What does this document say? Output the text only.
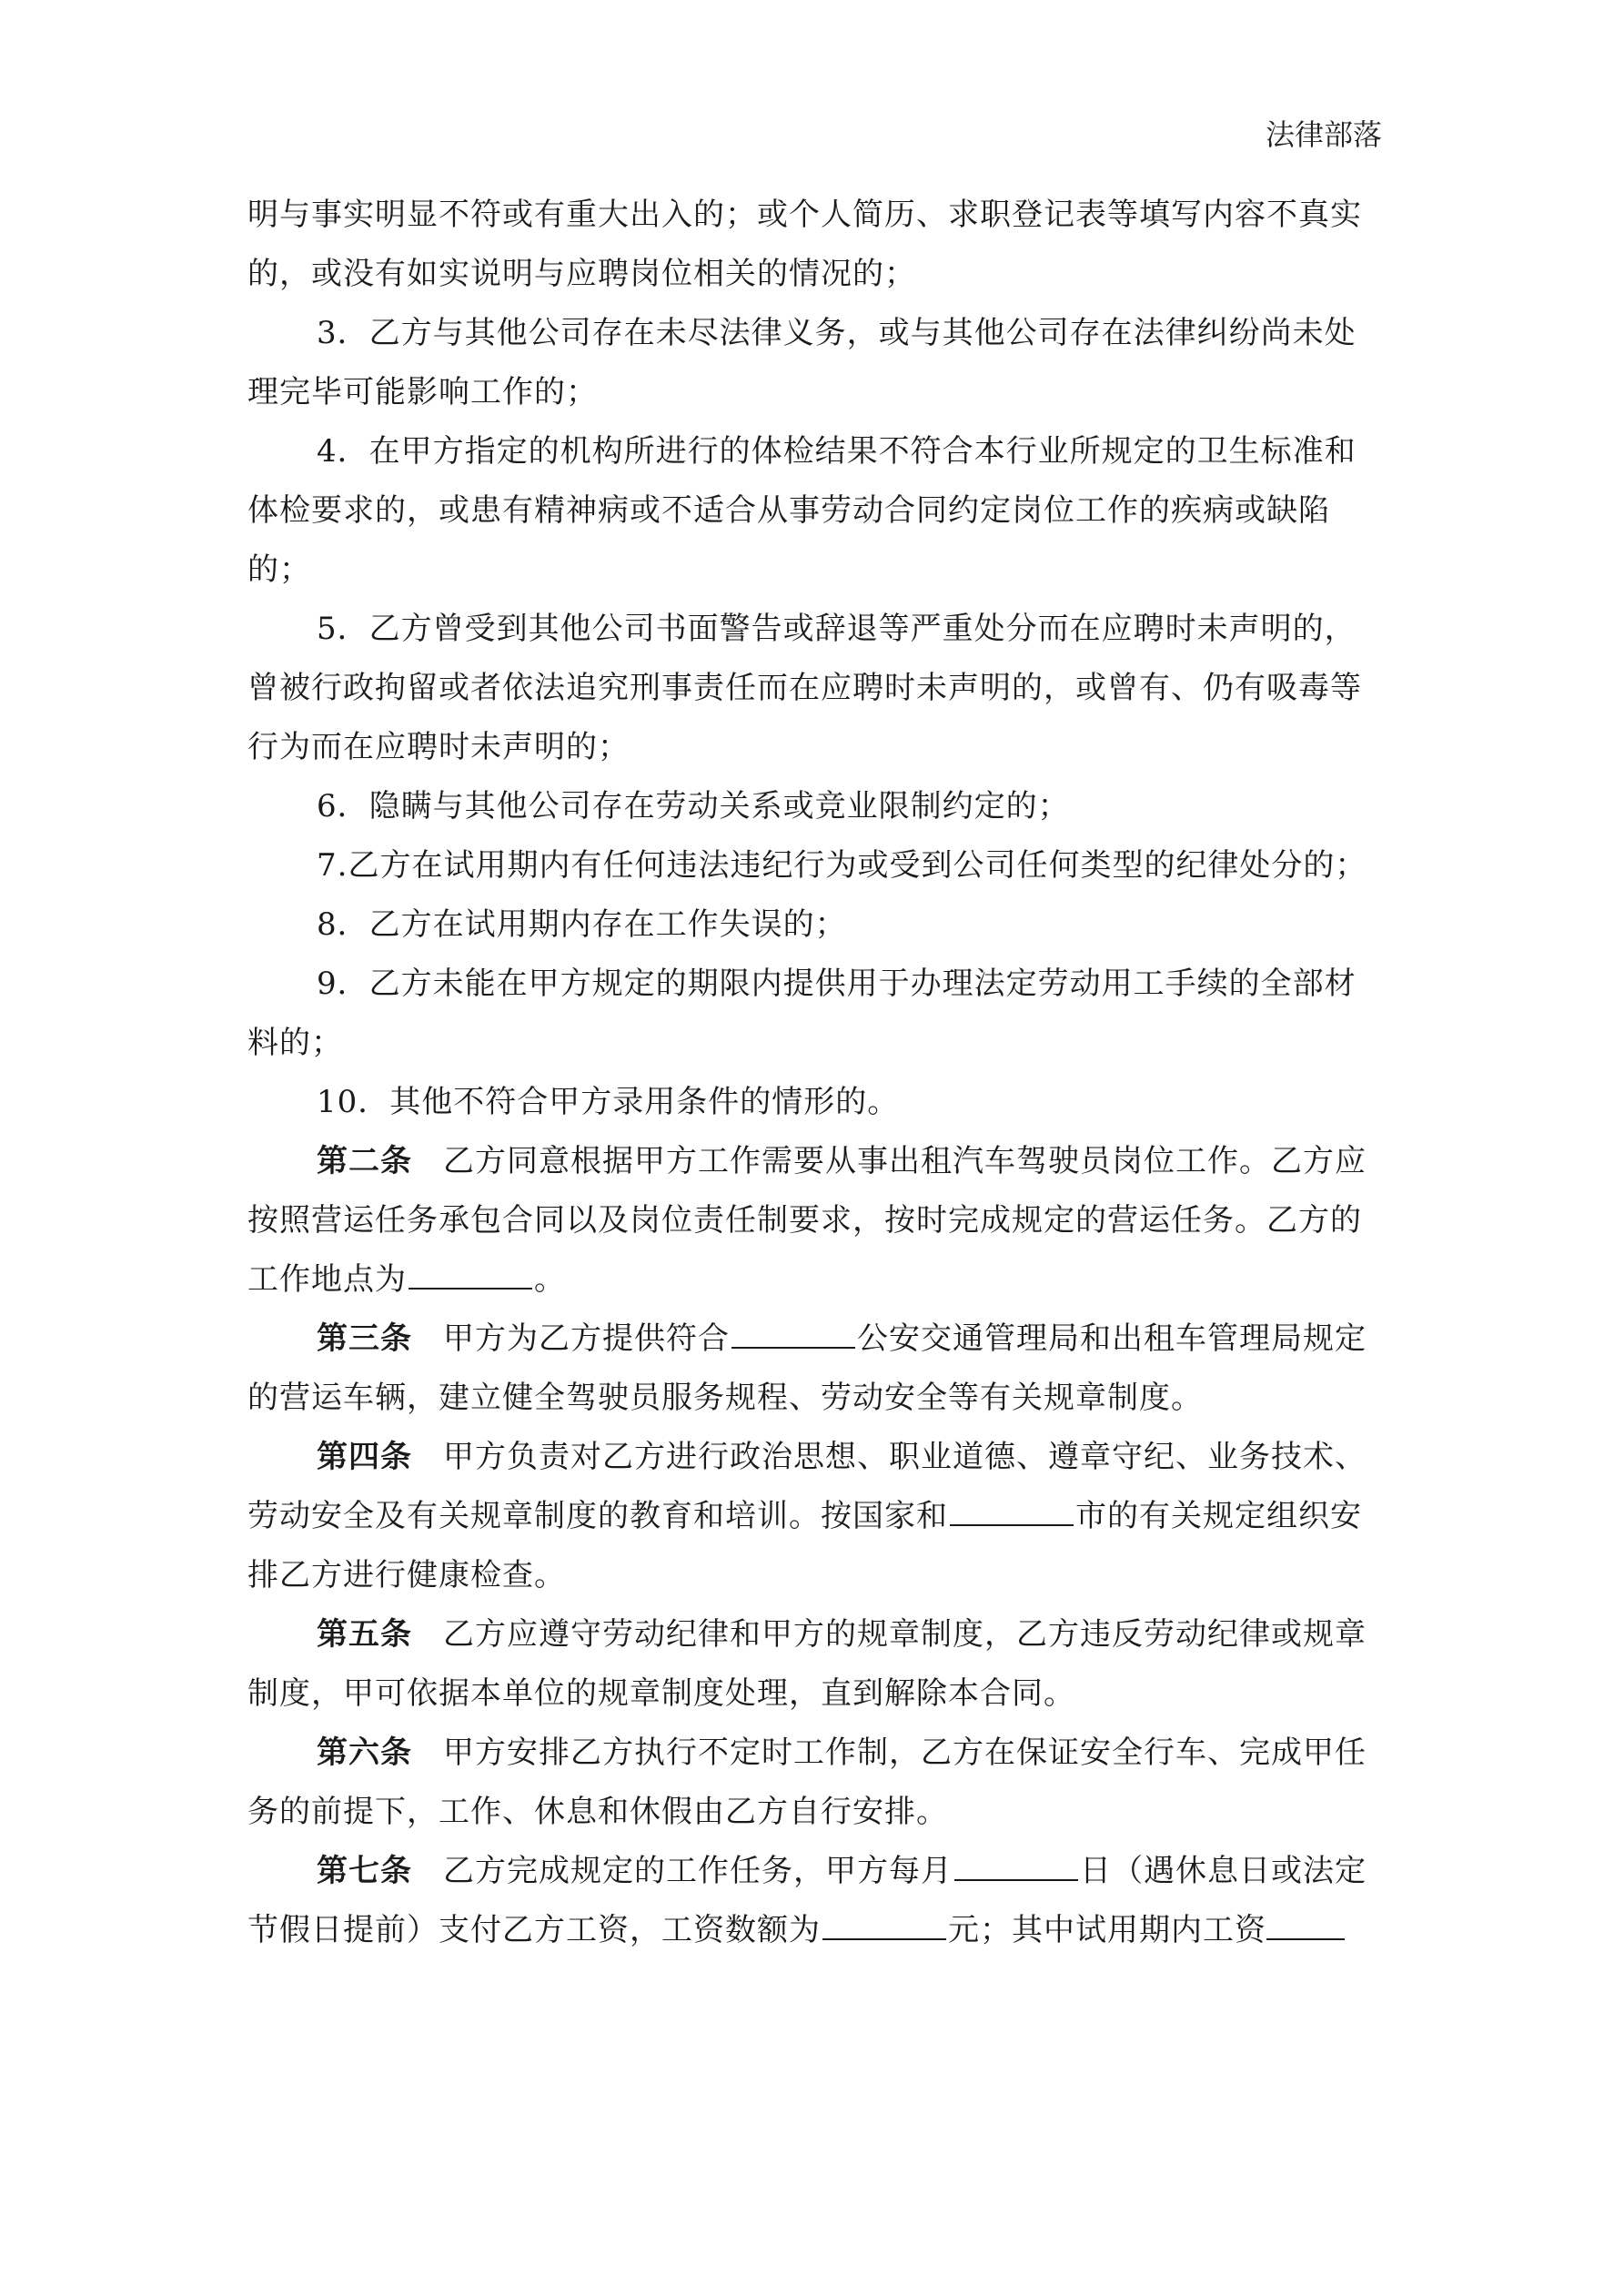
法律部落

明与事实明显不符或有重大出入的；或个人简历、求职登记表等填写内容不真实的，或没有如实说明与应聘岗位相关的情况的；

3．乙方与其他公司存在未尽法律义务，或与其他公司存在法律纠纷尚未处理完毕可能影响工作的；

4．在甲方指定的机构所进行的体检结果不符合本行业所规定的卫生标准和体检要求的，或患有精神病或不适合从事劳动合同约定岗位工作的疾病或缺陷的；

5．乙方曾受到其他公司书面警告或辞退等严重处分而在应聘时未声明的，曾被行政拘留或者依法追究刑事责任而在应聘时未声明的，或曾有、仍有吸毒等行为而在应聘时未声明的；

6．隐瞒与其他公司存在劳动关系或竞业限制约定的；

7.乙方在试用期内有任何违法违纪行为或受到公司任何类型的纪律处分的；

8．乙方在试用期内存在工作失误的；

9．乙方未能在甲方规定的期限内提供用于办理法定劳动用工手续的全部材料的；

10．其他不符合甲方录用条件的情形的。

第二条 乙方同意根据甲方工作需要从事出租汽车驾驶员岗位工作。乙方应按照营运任务承包合同以及岗位责任制要求，按时完成规定的营运任务。乙方的工作地点为	。

第三条 甲方为乙方提供符合	公安交通管理局和出租车管理局规定的营运车辆，建立健全驾驶员服务规程、劳动安全等有关规章制度。

第四条 甲方负责对乙方进行政治思想、职业道德、遵章守纪、业务技术、劳动安全及有关规章制度的教育和培训。按国家和	市的有关规定组织安排乙方进行健康检查。

第五条 乙方应遵守劳动纪律和甲方的规章制度，乙方违反劳动纪律或规章制度，甲可依据本单位的规章制度处理，直到解除本合同。

第六条 甲方安排乙方执行不定时工作制，乙方在保证安全行车、完成甲任务的前提下，工作、休息和休假由乙方自行安排。

第七条 乙方完成规定的工作任务，甲方每月	日（遇休息日或法定节假日提前）支付乙方工资，工资数额为	元；其中试用期内工资
